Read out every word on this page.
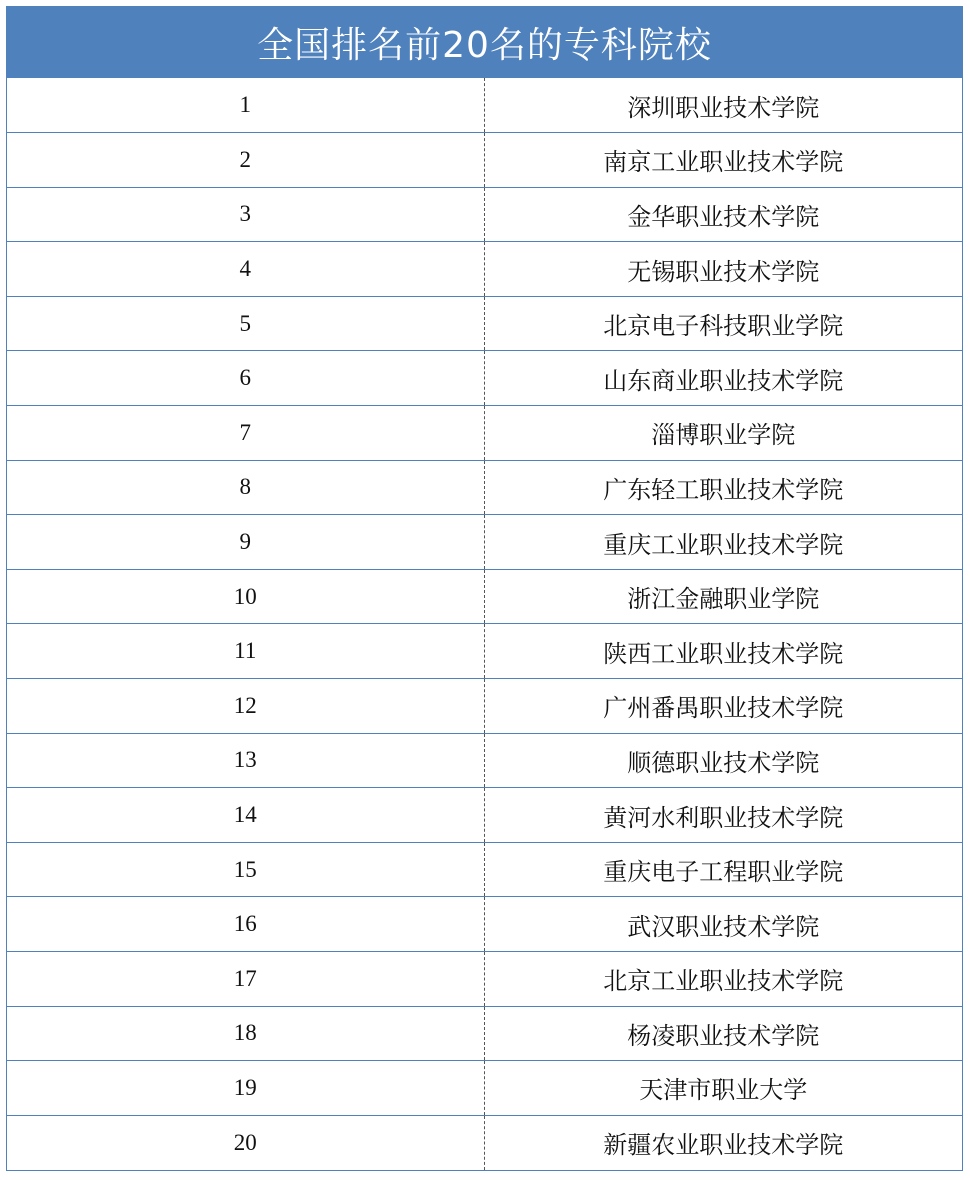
全国排名前20名的专科院校
1	深圳职业技术学院
2	南京工业职业技术学院
3	金华职业技术学院
4	无锡职业技术学院
5	北京电子科技职业学院
6	山东商业职业技术学院
7	淄博职业学院
8	广东轻工职业技术学院
9	重庆工业职业技术学院
10	浙江金融职业学院
11	陕西工业职业技术学院
12	广州番禺职业技术学院
13	顺德职业技术学院
14	黄河水利职业技术学院
15	重庆电子工程职业学院
16	武汉职业技术学院
17	北京工业职业技术学院
18	杨凌职业技术学院
19	天津市职业大学
20	新疆农业职业技术学院
